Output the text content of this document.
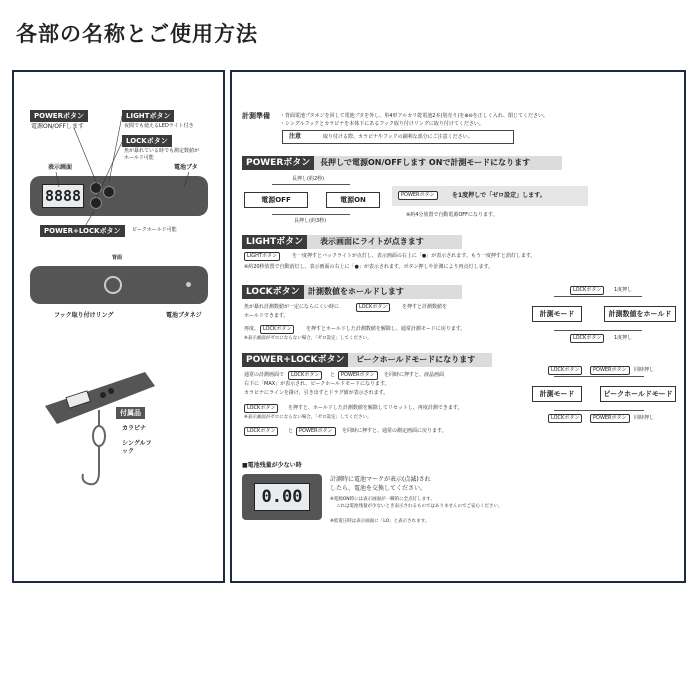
各部の名称とご使用方法
POWERボタン
電源ON/OFFします
LIGHTボタン
夜間でも使えるLEDライト付き
LOCKボタン
魚が暴れている時でも測定数値が
ホールド可能
表示画面	電池ブタ
8888
POWER+LOCKボタン	ピークホールド可能
背面
フック取り付けリング	電池ブタネジ
付属品
カラビナ
シングルフック
計測準備 ・背面電池ブタネジを回して電池ブタを外し、単4形アルカリ乾電池2本(別売り)を⊕⊖を正しく入れ、閉じてください。
・シングルフックとカラビナを本体下にあるフック取り付けリングに取り付けてください。
注意	取り付ける際、カラビナやフックの銅利な部分にご注意ください。
POWERボタン	長押しで電源ON/OFFします ONで計測モードになります
長押し(約2秒)
電源OFF	電源ON
長押し(約3秒)
POWERボタン	を1度押しで「ゼロ設定」します。
※約4分放置で自動電源OFFになります。
LIGHTボタン	表示画面にライトが点きます
LIGHTボタン	を一度押すとバックライトが点灯し、表示画面の右上に「●」が表示されます。もう一度押すと消灯します。
※約20秒放置で自動消灯し、表示画面の右上に「●」が表示されます。ボタン押しや計測により再点灯します。
LOCKボタン	計測数値をホールドします
魚が暴れ計測数値が一定にならにくい時に	LOCKボタン	を押すと計測数値を
ホールドできます。
再度、 LOCKボタン	を押すとホールドした計測数値を解除し、通常計測モードに戻ります。
※表示画面がゼロにならない場合、「ゼロ設定」してください。
LOCKボタン	1度押し
計測モード	計測数値をホールド
LOCKボタン	1度押し
POWER+LOCKボタン	ピークホールドモードになります
通常の計測画面で	LOCKボタン	と	POWERボタン	を同時に押すと、液晶画面
右下に「MAX」が表示され、ピークホールドモードになります。
カラビナにラインを掛け、引き出すとドラグ値が表示されます。
LOCKボタン	を押すと、ホールドした計測数値を解除してリセットし、再度計測できます。
※表示画面がゼロにならない場合、「ゼロ設定」してください。
LOCKボタン	と	POWERボタン	を同時に押すと、通常の測定画面に戻ります。
LOCKボタン	POWERボタン	同時押し
計測モード	ピークホールドモード
LOCKボタン	POWERボタン	同時押し
■電池残量が少ない時
0.00
計測時に電池マークが表示(点滅)され
したら、電池を交換してください。
※電源ON時には表示画面が一瞬的に全点灯します。
これは電池残量が少ないとき表示されるものではありませんのでご安心ください。
※低電圧時は表示画面に「LO」と表示されます。
